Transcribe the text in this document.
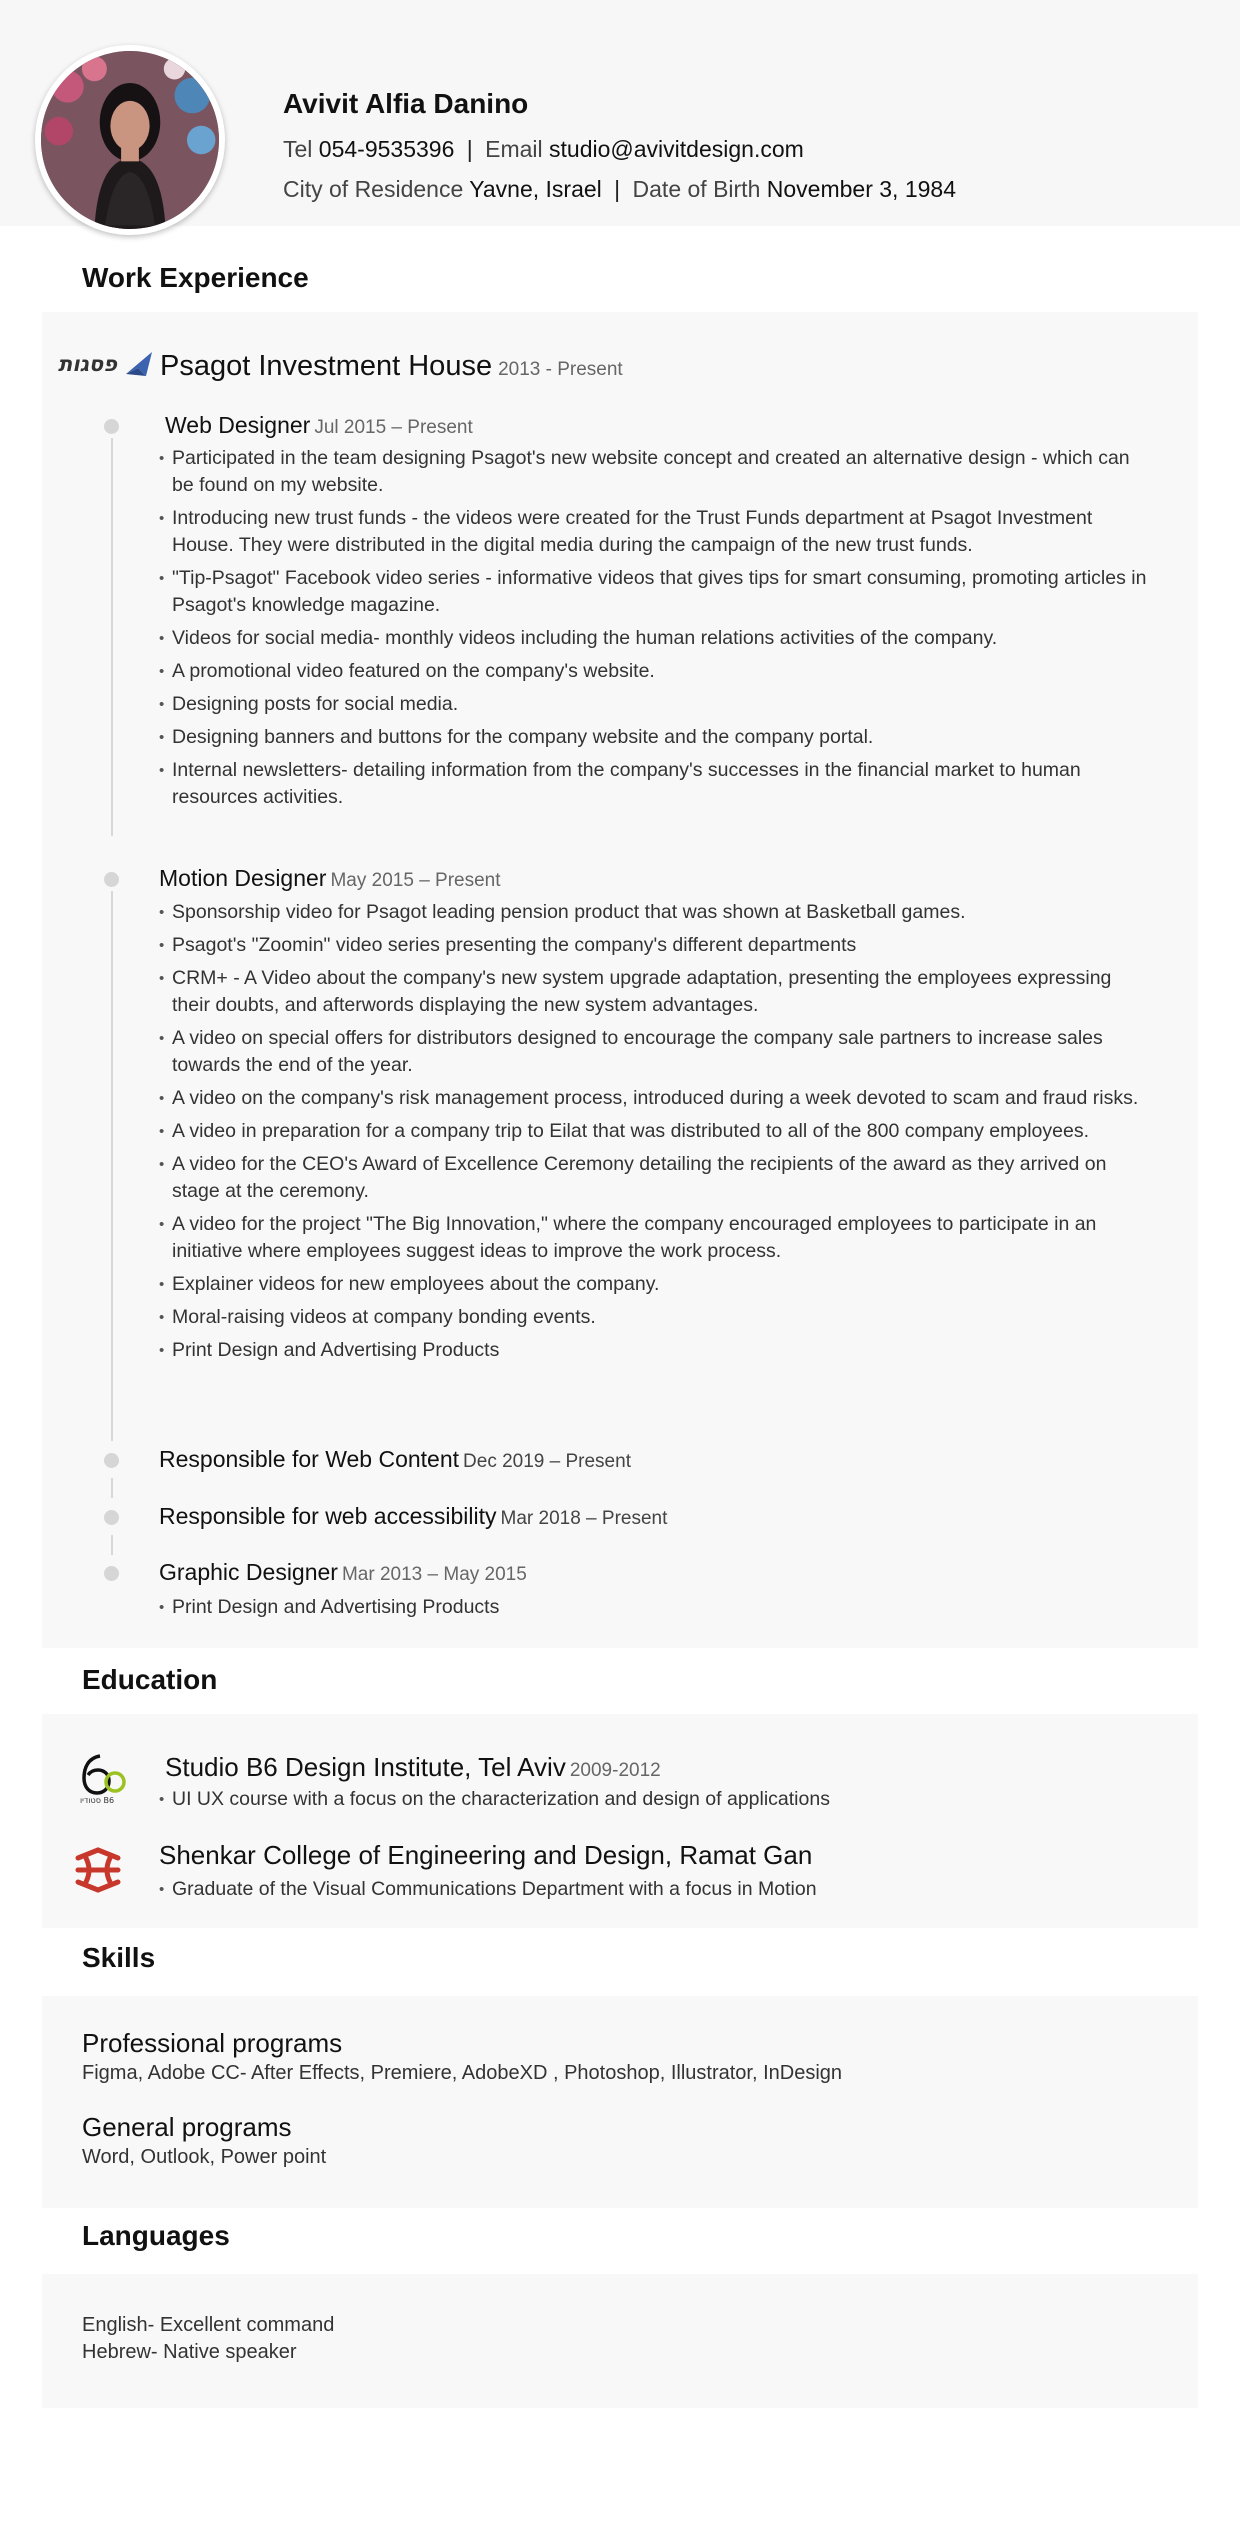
Avivit Alfia Danino
Tel 054-9535396 | Email studio@avivitdesign.com
City of Residence Yavne, Israel | Date of Birth November 3, 1984
Work Experience
פסגות Psagot Investment House 2013 - Present
Web Designer Jul 2015 – Present
• Participated in the team designing Psagot's new website concept and created an alternative design - which can be found on my website.
• Introducing new trust funds - the videos were created for the Trust Funds department at Psagot Investment House. They were distributed in the digital media during the campaign of the new trust funds.
• "Tip-Psagot" Facebook video series - informative videos that gives tips for smart consuming, promoting articles in Psagot's knowledge magazine.
• Videos for social media- monthly videos including the human relations activities of the company.
• A promotional video featured on the company's website.
• Designing posts for social media.
• Designing banners and buttons for the company website and the company portal.
• Internal newsletters- detailing information from the company's successes in the financial market to human resources activities.
Motion Designer May 2015 – Present
• Sponsorship video for Psagot leading pension product that was shown at Basketball games.
• Psagot's "Zoomin" video series presenting the company's different departments
• CRM+ - A Video about the company's new system upgrade adaptation, presenting the employees expressing their doubts, and afterwords displaying the new system advantages.
• A video on special offers for distributors designed to encourage the company sale partners to increase sales towards the end of the year.
• A video on the company's risk management process, introduced during a week devoted to scam and fraud risks.
• A video in preparation for a company trip to Eilat that was distributed to all of the 800 company employees.
• A video for the CEO's Award of Excellence Ceremony detailing the recipients of the award as they arrived on stage at the ceremony.
• A video for the project "The Big Innovation," where the company encouraged employees to participate in an initiative where employees suggest ideas to improve the work process.
• Explainer videos for new employees about the company.
• Moral-raising videos at company bonding events.
• Print Design and Advertising Products
Responsible for Web Content Dec 2019 – Present
Responsible for web accessibility Mar 2018 – Present
Graphic Designer Mar 2013 – May 2015
• Print Design and Advertising Products
Education
סטודיו B6
Studio B6 Design Institute, Tel Aviv 2009-2012
• UI UX course with a focus on the characterization and design of applications
Shenkar College of Engineering and Design, Ramat Gan
• Graduate of the Visual Communications Department with a focus in Motion
Skills
Professional programs
Figma, Adobe CC- After Effects, Premiere, AdobeXD , Photoshop, Illustrator, InDesign
General programs
Word, Outlook, Power point
Languages
English- Excellent command
Hebrew- Native speaker
